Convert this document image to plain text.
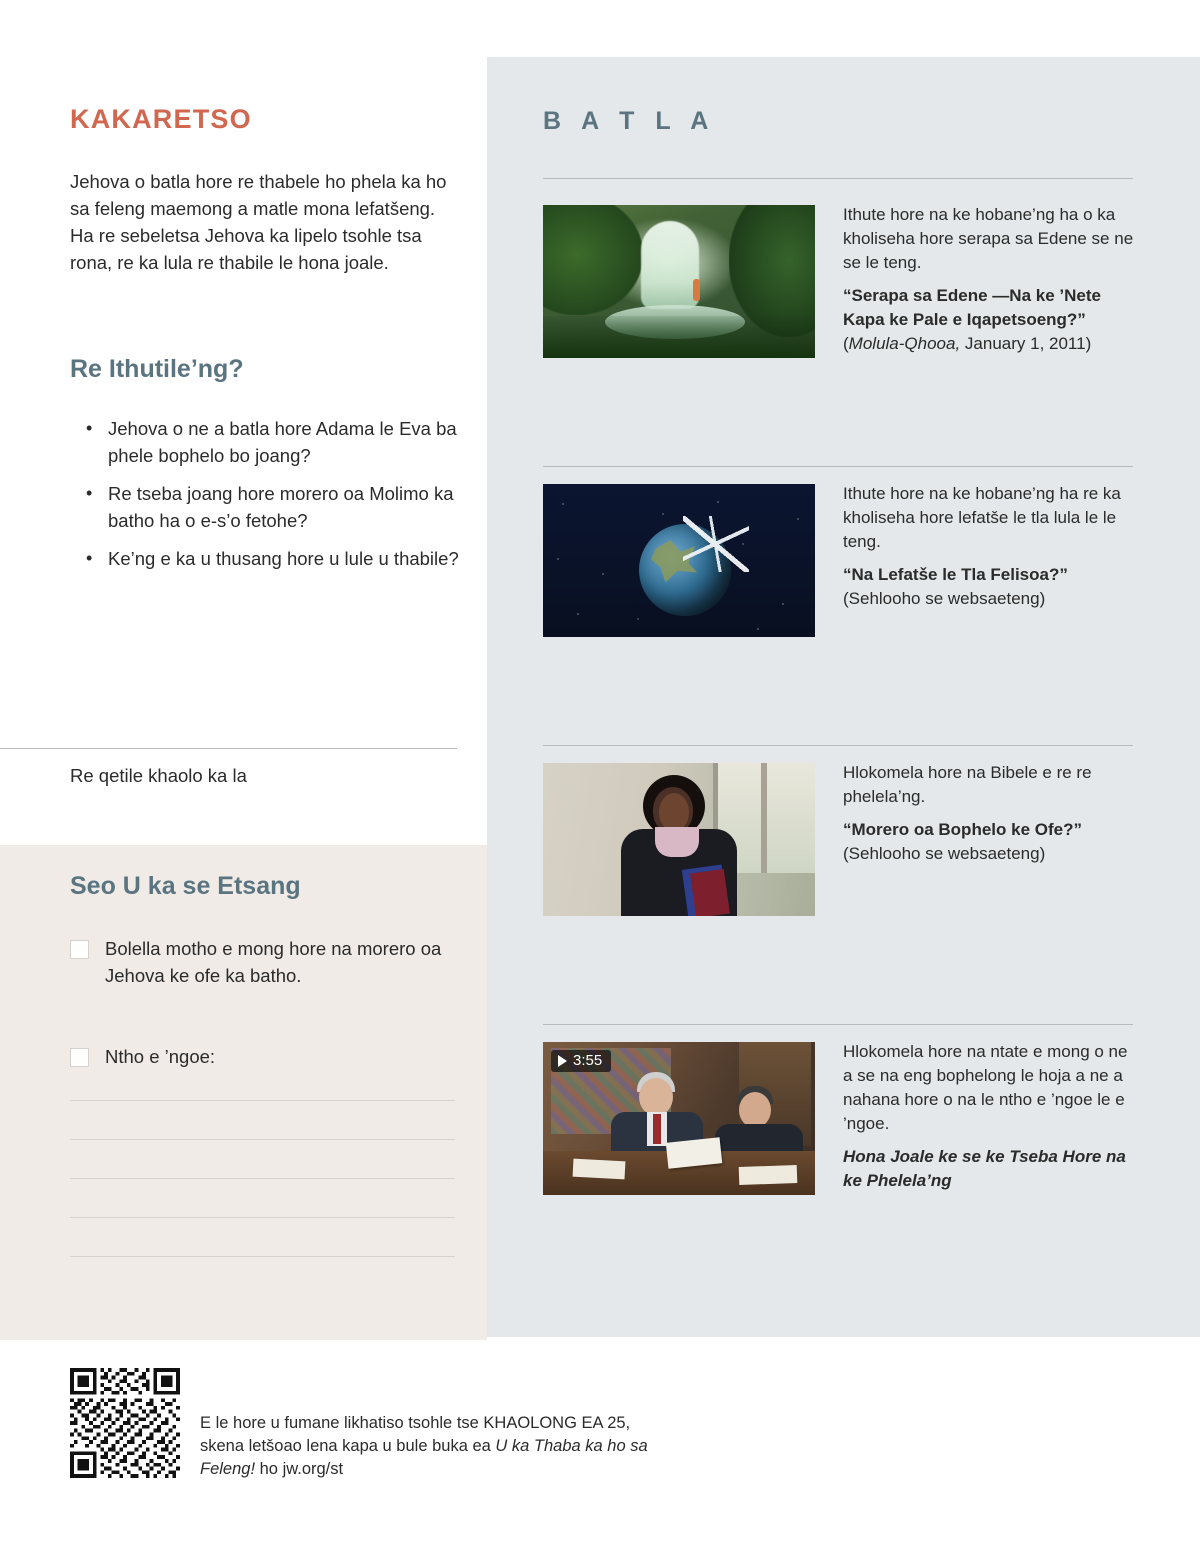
KAKARETSO
Jehova o batla hore re thabele ho phela ka ho sa feleng maemong a matle mona lefatšeng. Ha re sebeletsa Jehova ka lipelo tsohle tsa rona, re ka lula re thabile le hona joale.
Re Ithutile’ng?
• Jehova o ne a batla hore Adama le Eva ba phele bophelo bo joang?
• Re tseba joang hore morero oa Molimo ka batho ha o e-s’o fetohe?
• Ke’ng e ka u thusang hore u lule u thabile?
Re qetile khaolo ka la
Seo U ka se Etsang
Bolella motho e mong hore na morero oa Jehova ke ofe ka batho.
Ntho e ’ngoe:
B A T L A
Ithute hore na ke hobane’ng ha o ka kholiseha hore serapa sa Edene se ne se le teng.
“Serapa sa Edene —Na ke ’Nete Kapa ke Pale e Iqapetsoeng?”
(Molula-Qhooa, January 1, 2011)
Ithute hore na ke hobane’ng ha re ka kholiseha hore lefatše le tla lula le le teng.
“Na Lefatše le Tla Felisoa?”
(Sehlooho se websaeteng)
Hlokomela hore na Bibele e re re phelela’ng.
“Morero oa Bophelo ke Ofe?”
(Sehlooho se websaeteng)
3:55	Hlokomela hore na ntate e mong o ne a se na eng bophelong le hoja a ne a nahana hore o na le ntho e ’ngoe le e ’ngoe.
Hona Joale ke se ke Tseba Hore na ke Phelela’ng
E le hore u fumane likhatiso tsohle tse KHAOLONG EA 25,
skena letšoao lena kapa u bule buka ea U ka Thaba ka ho sa
Feleng! ho jw.org/st
